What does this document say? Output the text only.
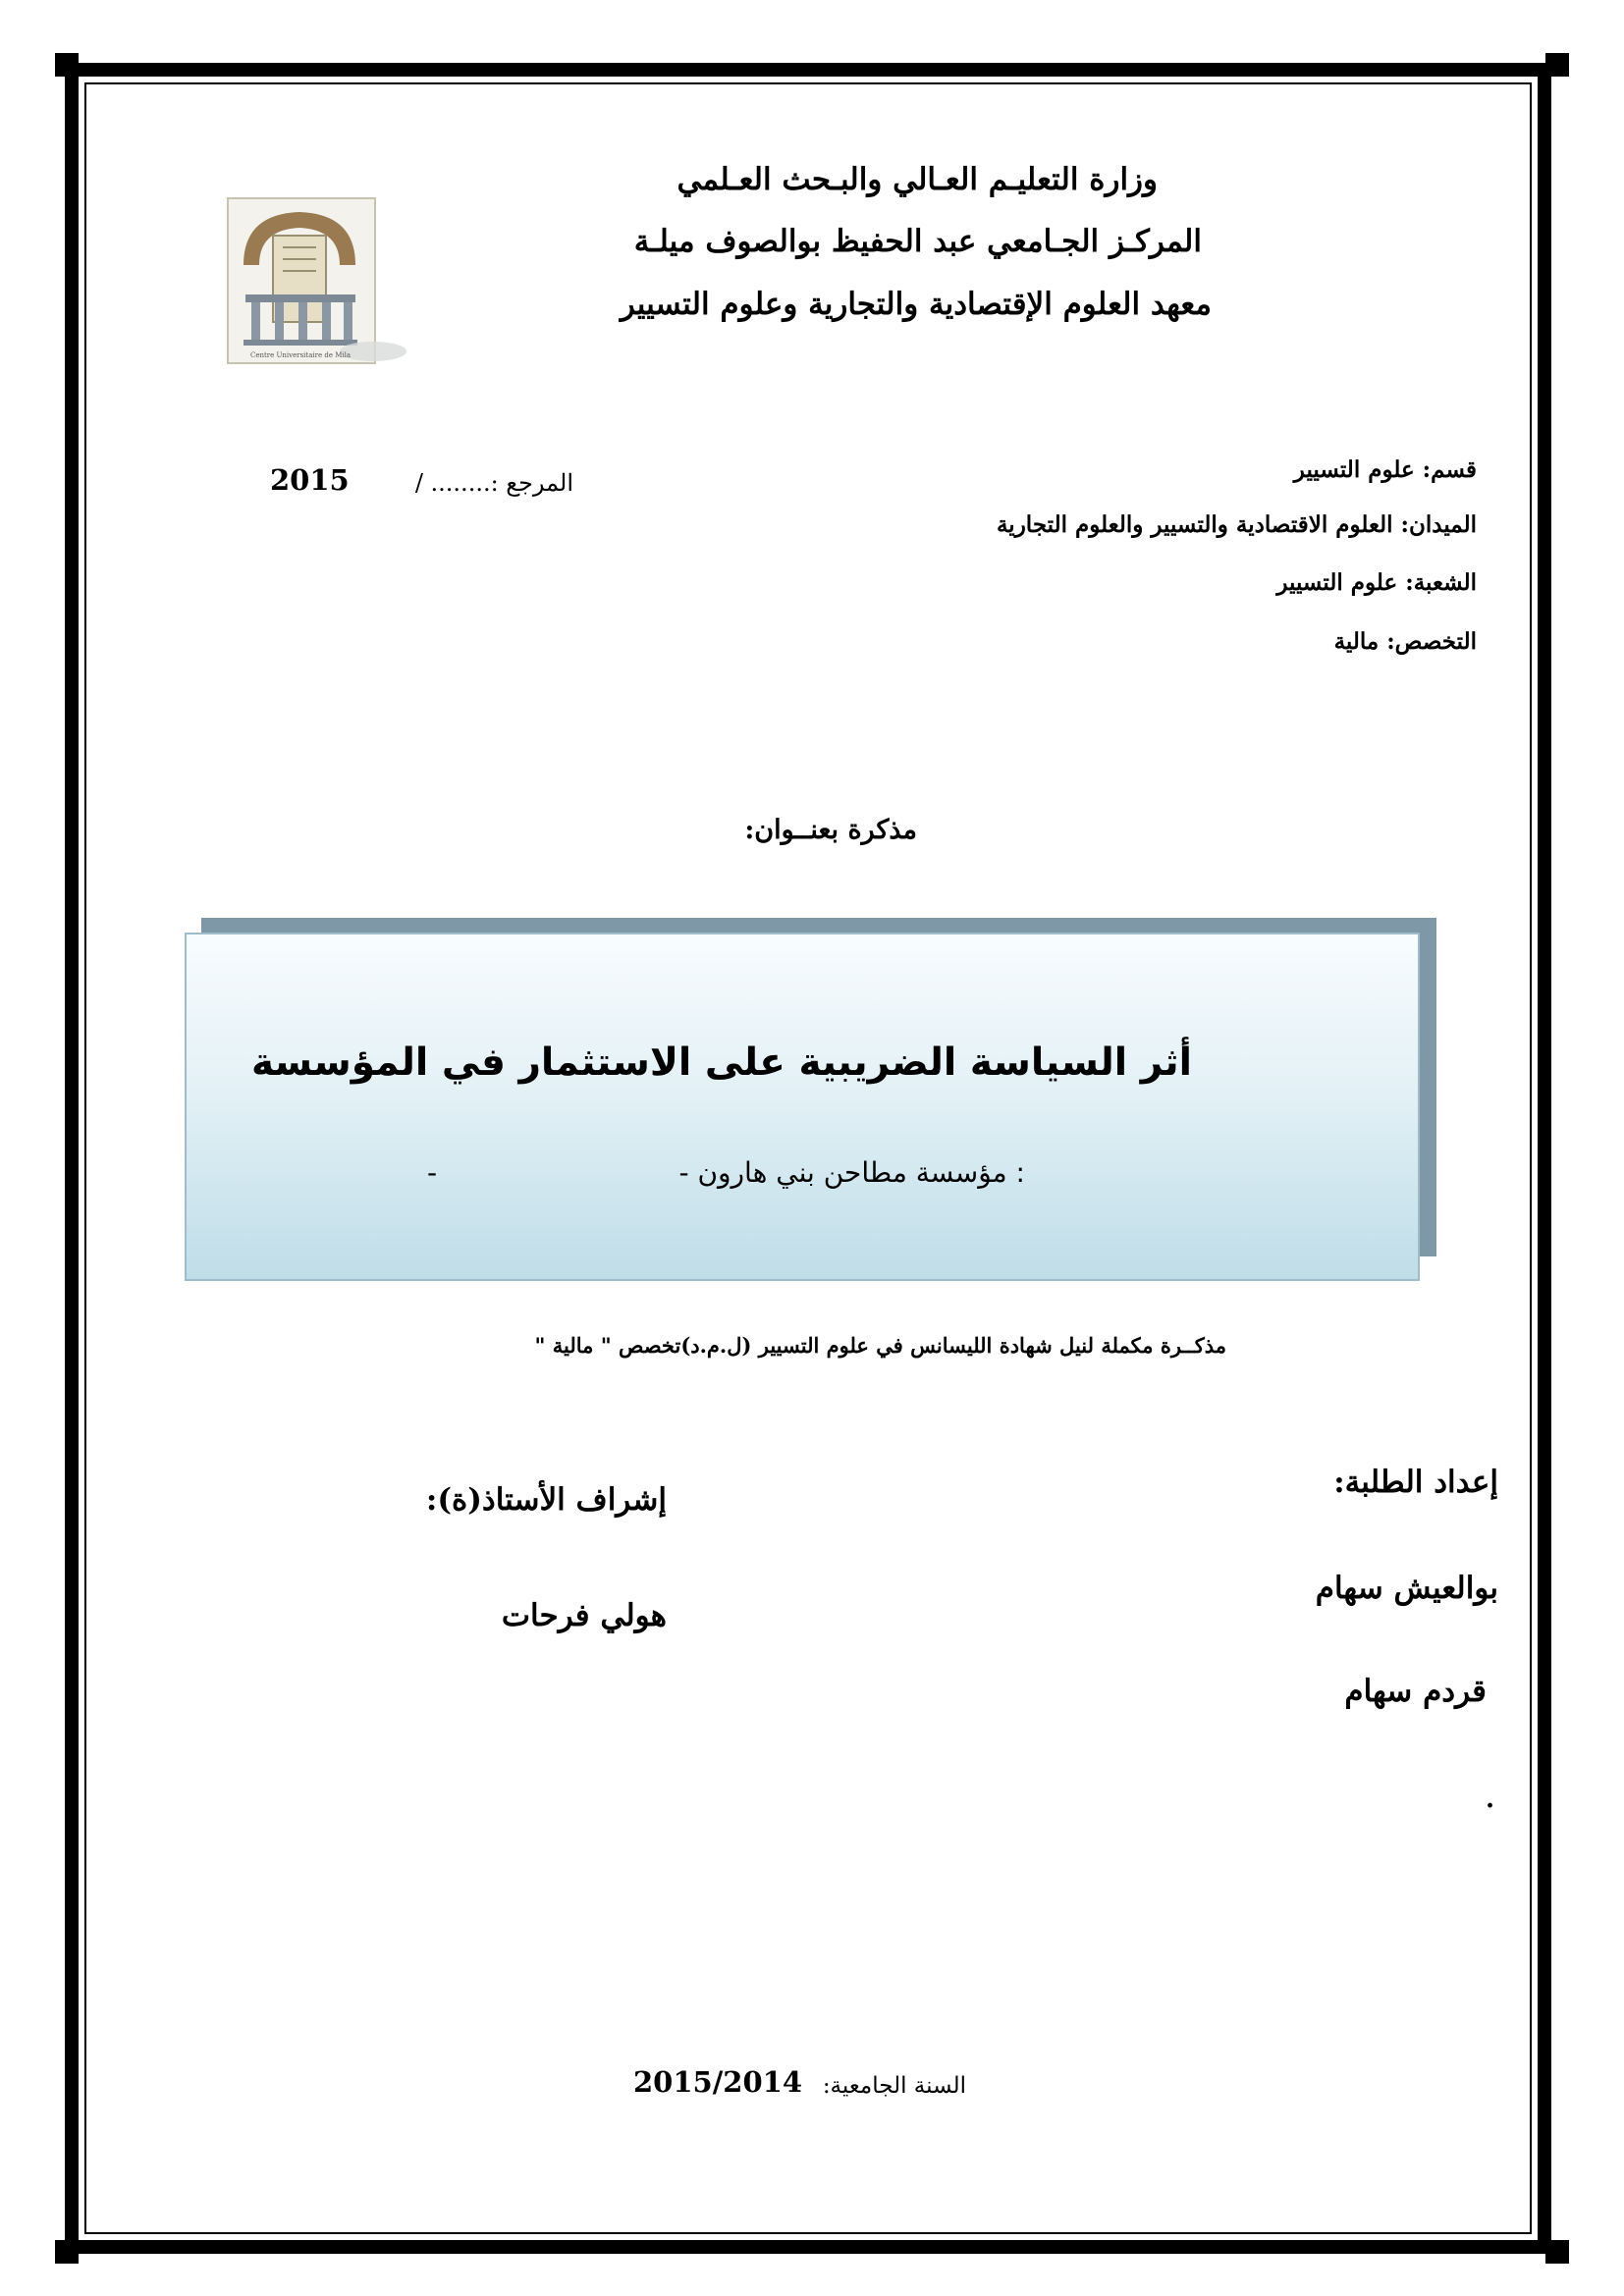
وزارة التعليـم العـالي والبـحث العـلمي
المركـز الجـامعي عبد الحفيظ بوالصوف ميلـة
معهد العلوم الإقتصادية والتجارية وعلوم التسيير
Centre Universitaire de Mila
قسم: علوم التسيير
الميدان: العلوم الاقتصادية والتسيير والعلوم التجارية
الشعبة: علوم التسيير
التخصص: مالية
المرجع :........ /
2015
مذكرة بعنــوان:
أثر السياسة الضريبية على الاستثمار في المؤسسة
: مؤسسة مطاحن بني هارون -
-
مذكــرة مكملة لنيل شهادة الليسانس في علوم التسيير (ل.م.د)تخصص " مالية "
إعداد الطلبة:
بوالعيش سهام
قردم سهام
.
إشراف الأستاذ(ة):
هولي فرحات
السنة الجامعية:
2015/2014
